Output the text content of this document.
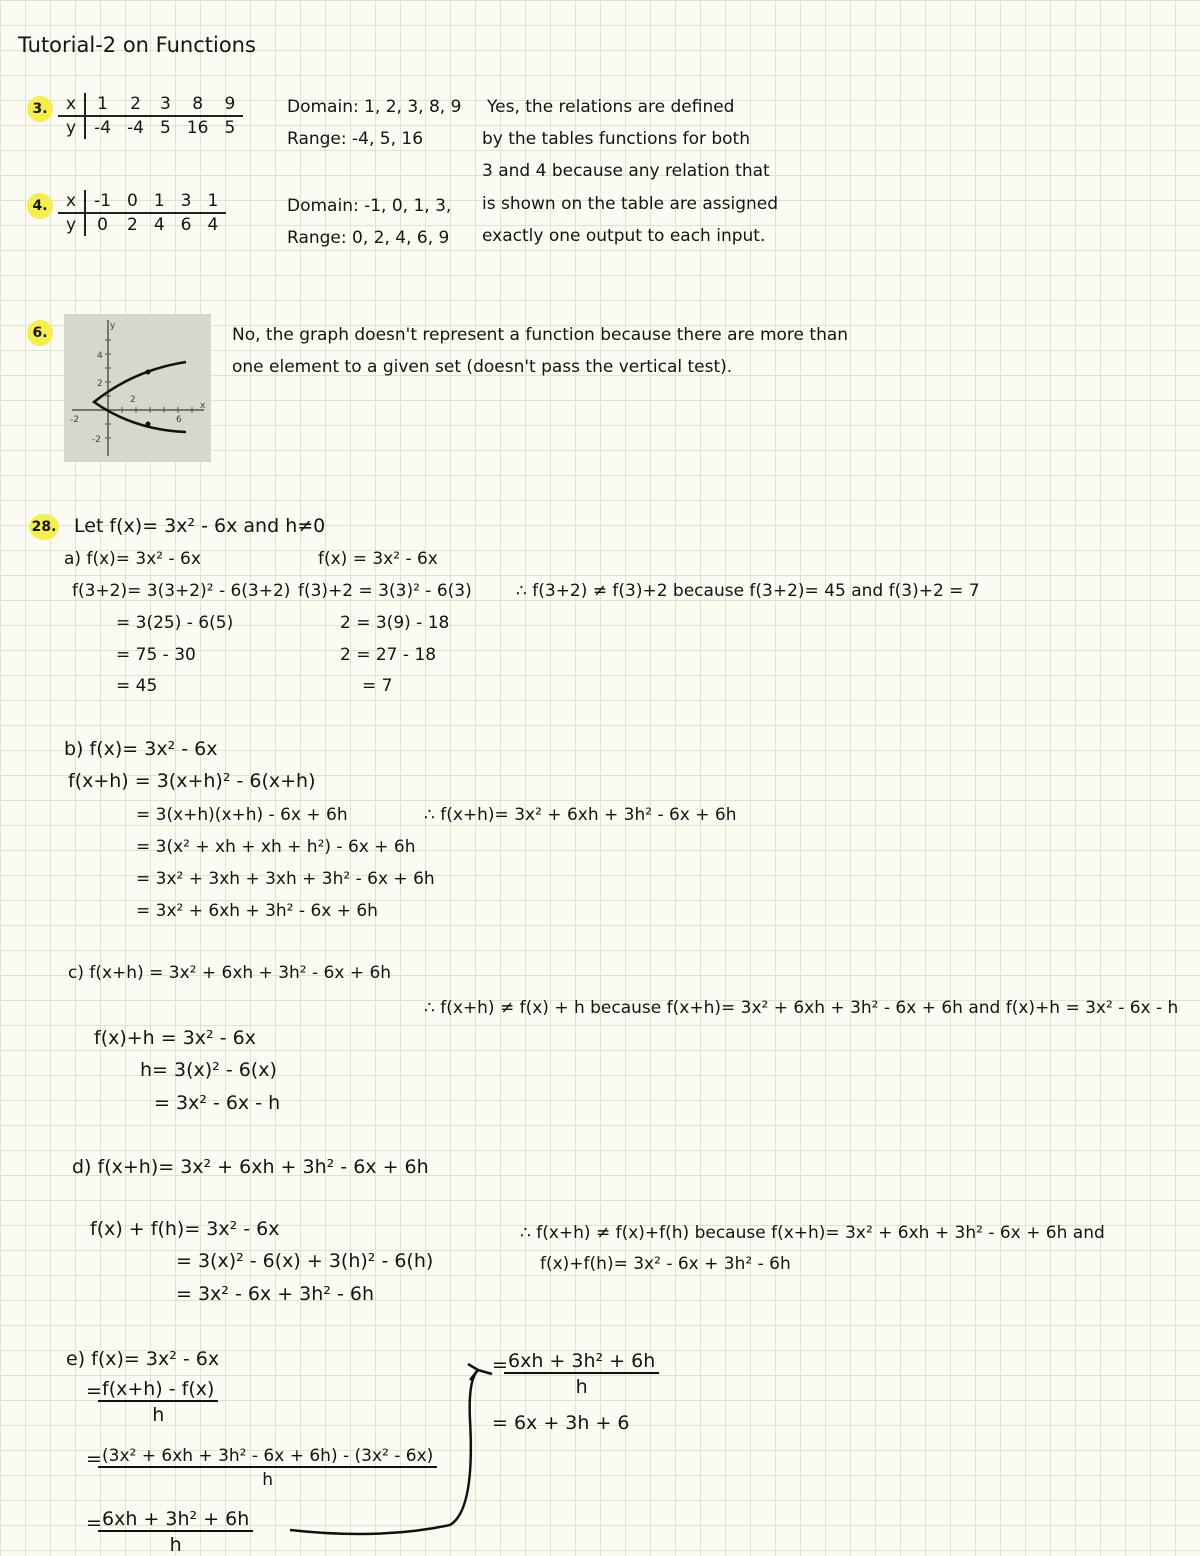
Tutorial-2 on Functions
3.	x	1	2	3	8	9
y	-4	-4	5	16	5
Domain: 1, 2, 3, 8, 9
Range: -4, 5, 16
4.	x	-1	0	1	3	1
y	0	2	4	6	4
Domain: -1, 0, 1, 3,
Range: 0, 2, 4, 6, 9
Yes, the relations are defined
by the tables functions for both
3 and 4 because any relation that
is shown on the table are assigned
exactly one output to each input.
6.	y
x
4
2
-2
-2
2
6
No, the graph doesn't represent a function because there are more than
one element to a given set (doesn't pass the vertical test).
28. Let f(x)= 3x² - 6x and h≠0
a) f(x)= 3x² - 6x
f(3+2)= 3(3+2)² - 6(3+2)
= 3(25) - 6(5)
= 75 - 30
= 45
f(x) = 3x² - 6x
f(3)+2 = 3(3)² - 6(3)
2 = 3(9) - 18
2 = 27 - 18
= 7
∴ f(3+2) ≠ f(3)+2 because f(3+2)= 45 and f(3)+2 = 7
b) f(x)= 3x² - 6x
f(x+h) = 3(x+h)² - 6(x+h)
= 3(x+h)(x+h) - 6x + 6h
= 3(x² + xh + xh + h²) - 6x + 6h
= 3x² + 3xh + 3xh + 3h² - 6x + 6h
= 3x² + 6xh + 3h² - 6x + 6h
∴ f(x+h)= 3x² + 6xh + 3h² - 6x + 6h
c) f(x+h) = 3x² + 6xh + 3h² - 6x + 6h
∴ f(x+h) ≠ f(x) + h because f(x+h)= 3x² + 6xh + 3h² - 6x + 6h and f(x)+h = 3x² - 6x - h
f(x)+h = 3x² - 6x
h= 3(x)² - 6(x)
= 3x² - 6x - h
d) f(x+h)= 3x² + 6xh + 3h² - 6x + 6h
f(x) + f(h)= 3x² - 6x
= 3(x)² - 6(x) + 3(h)² - 6(h)
= 3x² - 6x + 3h² - 6h
∴ f(x+h) ≠ f(x)+f(h) because f(x+h)= 3x² + 6xh + 3h² - 6x + 6h and
f(x)+f(h)= 3x² - 6x + 3h² - 6h
e) f(x)= 3x² - 6x
=
$\frac{f(x+h) - f(x)}{h}$
=
$\frac{\text{(3x² + 6xh + 3h² - 6x + 6h) - (3x² - 6x)}}{h}$
=
$\frac{\text{6xh + 3h² + 6h}}{h}$
=
$\frac{\text{6xh + 3h² + 6h}}{h}$
= 6x + 3h + 6
